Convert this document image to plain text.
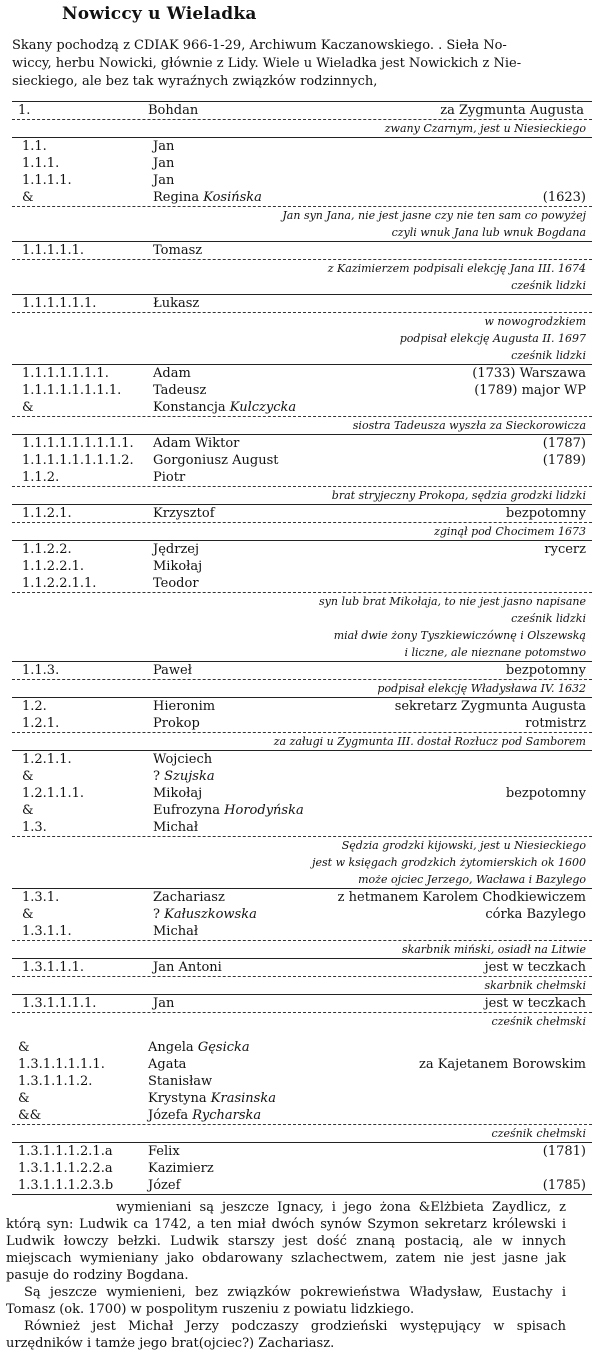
Nowiccy u Wieladka
Skany pochodzą z CDIAK 966-1-29, Archiwum Kaczanowskiego. . Sieła No-
wiccy, herbu Nowicki, głównie z Lidy. Wiele u Wieladka jest Nowickich z Nie-
sieckiego, ale bez tak wyraźnych związków rodzinnych,
1.	Bohdan	za Zygmunta Augusta
zwany Czarnym, jest u Niesieckiego
1.1.	Jan
1.1.1.	Jan
1.1.1.1.	Jan
&	Regina Kosińska	(1623)
Jan syn Jana, nie jest jasne czy nie ten sam co powyżej
czyli wnuk Jana lub wnuk Bogdana
1.1.1.1.1.	Tomasz
z Kazimierzem podpisali elekcję Jana III. 1674
cześnik lidzki
1.1.1.1.1.1.	Łukasz
w nowogrodzkiem
podpisał elekcję Augusta II. 1697
cześnik lidzki
1.1.1.1.1.1.1.	Adam	(1733) Warszawa
1.1.1.1.1.1.1.1. Tadeusz	(1789) major WP
&	Konstancja Kulczycka
siostra Tadeusza wyszła za Sieckorowicza
1.1.1.1.1.1.1.1.1. Adam Wiktor	(1787)
1.1.1.1.1.1.1.1.2. Gorgoniusz August	(1789)
1.1.2.	Piotr
brat stryjeczny Prokopa, sędzia grodzki lidzki
1.1.2.1.	Krzysztof	bezpotomny
zginął pod Chocimem 1673
1.1.2.2.	Jędrzej	rycerz
1.1.2.2.1.	Mikołaj
1.1.2.2.1.1.	Teodor
syn lub brat Mikołaja, to nie jest jasno napisane
cześnik lidzki
miał dwie żony Tyszkiewiczównę i Olszewską
i liczne, ale nieznane potomstwo
1.1.3.	Paweł	bezpotomny
podpisał elekcję Władysława IV. 1632
1.2.	Hieronim	sekretarz Zygmunta Augusta
1.2.1.	Prokop	rotmistrz
za załugi u Zygmunta III. dostał Rozłucz pod Samborem
1.2.1.1.	Wojciech
&	? Szujska
1.2.1.1.1.	Mikołaj	bezpotomny
&	Eufrozyna Horodyńska
1.3.	Michał
Sędzia grodzki kijowski, jest u Niesieckiego
jest w księgach grodzkich żytomierskich ok 1600
może ojciec Jerzego, Wacława i Bazylego
1.3.1.	Zachariasz	z hetmanem Karolem Chodkiewiczem
&	? Kałuszkowska	córka Bazylego
1.3.1.1.	Michał
skarbnik miński, osiadł na Litwie
1.3.1.1.1.	Jan Antoni	jest w teczkach
skarbnik chełmski
1.3.1.1.1.1.	Jan	jest w teczkach
cześnik chełmski
&	Angela Gęsicka
1.3.1.1.1.1.1.	Agata	za Kajetanem Borowskim
1.3.1.1.1.2.	Stanisław
&	Krystyna Krasinska
&&	Józefa Rycharska
cześnik chełmski
1.3.1.1.1.2.1.a	Felix	(1781)
1.3.1.1.1.2.2.a	Kazimierz
1.3.1.1.1.2.3.b	Józef	(1785)

wymieniani są jeszcze Ignacy, i jego żona &Elżbieta Zaydlicz, z którą syn: Ludwik ca 1742, a ten miał dwóch synów Szymon sekretarz królewski i Ludwik łowczy bełzki. Ludwik starszy jest dość znaną postacią, ale w innych miejscach wymieniany jako obdarowany szlachectwem, zatem nie jest jasne jak pasuje do rodziny Bogdana.

Są jeszcze wymienieni, bez związków pokrewieństwa Władysław, Eustachy i Tomasz (ok. 1700) w pospolitym ruszeniu z powiatu lidzkiego.

Również jest Michał Jerzy podczaszy grodzieński występujący w spisach urzędników i tamże jego brat(ojciec?) Zachariasz.
